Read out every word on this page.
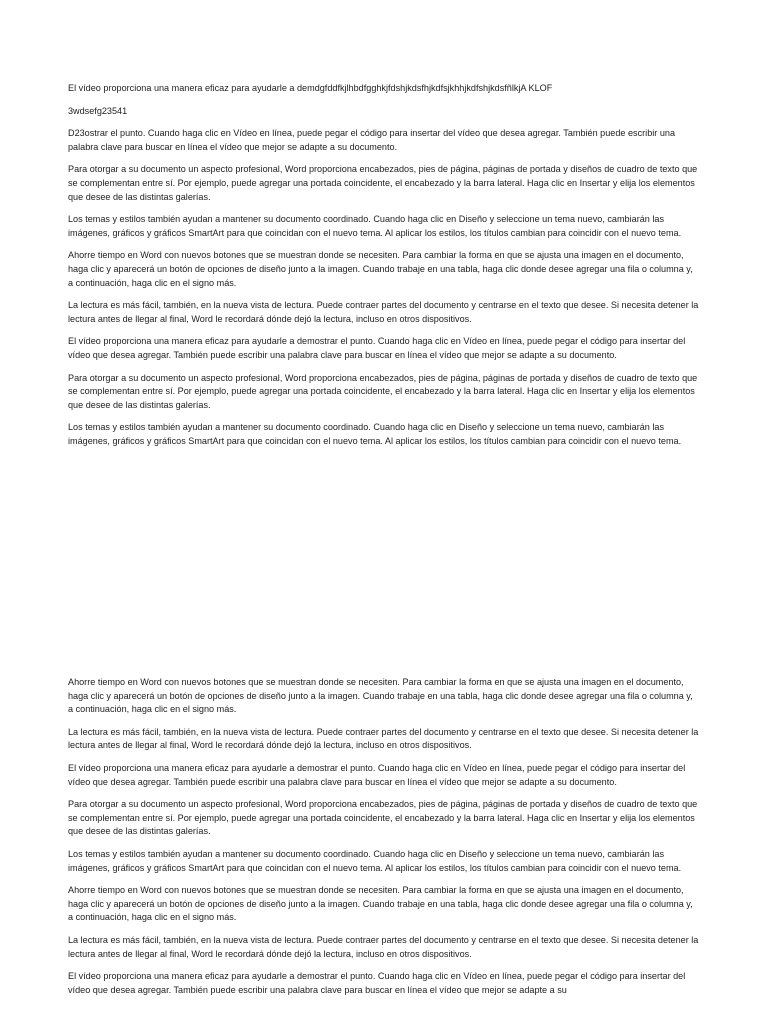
El vídeo proporciona una manera eficaz para ayudarle a demdgfddfkjlhbdfgghkjfdshjkdsfhjkdfsjkhhjkdfshjkdsfñlkjA KLOF

3wdsefg23541

D23ostrar el punto. Cuando haga clic en Vídeo en línea, puede pegar el código para insertar del vídeo que desea agregar. También puede escribir una palabra clave para buscar en línea el vídeo que mejor se adapte a su documento.

Para otorgar a su documento un aspecto profesional, Word proporciona encabezados, pies de página, páginas de portada y diseños de cuadro de texto que se complementan entre sí. Por ejemplo, puede agregar una portada coincidente, el encabezado y la barra lateral. Haga clic en Insertar y elija los elementos que desee de las distintas galerías.

Los temas y estilos también ayudan a mantener su documento coordinado. Cuando haga clic en Diseño y seleccione un tema nuevo, cambiarán las imágenes, gráficos y gráficos SmartArt para que coincidan con el nuevo tema. Al aplicar los estilos, los títulos cambian para coincidir con el nuevo tema.

Ahorre tiempo en Word con nuevos botones que se muestran donde se necesiten. Para cambiar la forma en que se ajusta una imagen en el documento, haga clic y aparecerá un botón de opciones de diseño junto a la imagen. Cuando trabaje en una tabla, haga clic donde desee agregar una fila o columna y, a continuación, haga clic en el signo más.

La lectura es más fácil, también, en la nueva vista de lectura. Puede contraer partes del documento y centrarse en el texto que desee. Si necesita detener la lectura antes de llegar al final, Word le recordará dónde dejó la lectura, incluso en otros dispositivos.

El vídeo proporciona una manera eficaz para ayudarle a demostrar el punto. Cuando haga clic en Vídeo en línea, puede pegar el código para insertar del vídeo que desea agregar. También puede escribir una palabra clave para buscar en línea el vídeo que mejor se adapte a su documento.

Para otorgar a su documento un aspecto profesional, Word proporciona encabezados, pies de página, páginas de portada y diseños de cuadro de texto que se complementan entre sí. Por ejemplo, puede agregar una portada coincidente, el encabezado y la barra lateral. Haga clic en Insertar y elija los elementos que desee de las distintas galerías.

Los temas y estilos también ayudan a mantener su documento coordinado. Cuando haga clic en Diseño y seleccione un tema nuevo, cambiarán las imágenes, gráficos y gráficos SmartArt para que coincidan con el nuevo tema. Al aplicar los estilos, los títulos cambian para coincidir con el nuevo tema.

Ahorre tiempo en Word con nuevos botones que se muestran donde se necesiten. Para cambiar la forma en que se ajusta una imagen en el documento, haga clic y aparecerá un botón de opciones de diseño junto a la imagen. Cuando trabaje en una tabla, haga clic donde desee agregar una fila o columna y, a continuación, haga clic en el signo más.

La lectura es más fácil, también, en la nueva vista de lectura. Puede contraer partes del documento y centrarse en el texto que desee. Si necesita detener la lectura antes de llegar al final, Word le recordará dónde dejó la lectura, incluso en otros dispositivos.

El vídeo proporciona una manera eficaz para ayudarle a demostrar el punto. Cuando haga clic en Vídeo en línea, puede pegar el código para insertar del vídeo que desea agregar. También puede escribir una palabra clave para buscar en línea el vídeo que mejor se adapte a su documento.

Para otorgar a su documento un aspecto profesional, Word proporciona encabezados, pies de página, páginas de portada y diseños de cuadro de texto que se complementan entre sí. Por ejemplo, puede agregar una portada coincidente, el encabezado y la barra lateral. Haga clic en Insertar y elija los elementos que desee de las distintas galerías.

Los temas y estilos también ayudan a mantener su documento coordinado. Cuando haga clic en Diseño y seleccione un tema nuevo, cambiarán las imágenes, gráficos y gráficos SmartArt para que coincidan con el nuevo tema. Al aplicar los estilos, los títulos cambian para coincidir con el nuevo tema.

Ahorre tiempo en Word con nuevos botones que se muestran donde se necesiten. Para cambiar la forma en que se ajusta una imagen en el documento, haga clic y aparecerá un botón de opciones de diseño junto a la imagen. Cuando trabaje en una tabla, haga clic donde desee agregar una fila o columna y, a continuación, haga clic en el signo más.

La lectura es más fácil, también, en la nueva vista de lectura. Puede contraer partes del documento y centrarse en el texto que desee. Si necesita detener la lectura antes de llegar al final, Word le recordará dónde dejó la lectura, incluso en otros dispositivos.

El vídeo proporciona una manera eficaz para ayudarle a demostrar el punto. Cuando haga clic en Vídeo en línea, puede pegar el código para insertar del vídeo que desea agregar. También puede escribir una palabra clave para buscar en línea el vídeo que mejor se adapte a su
